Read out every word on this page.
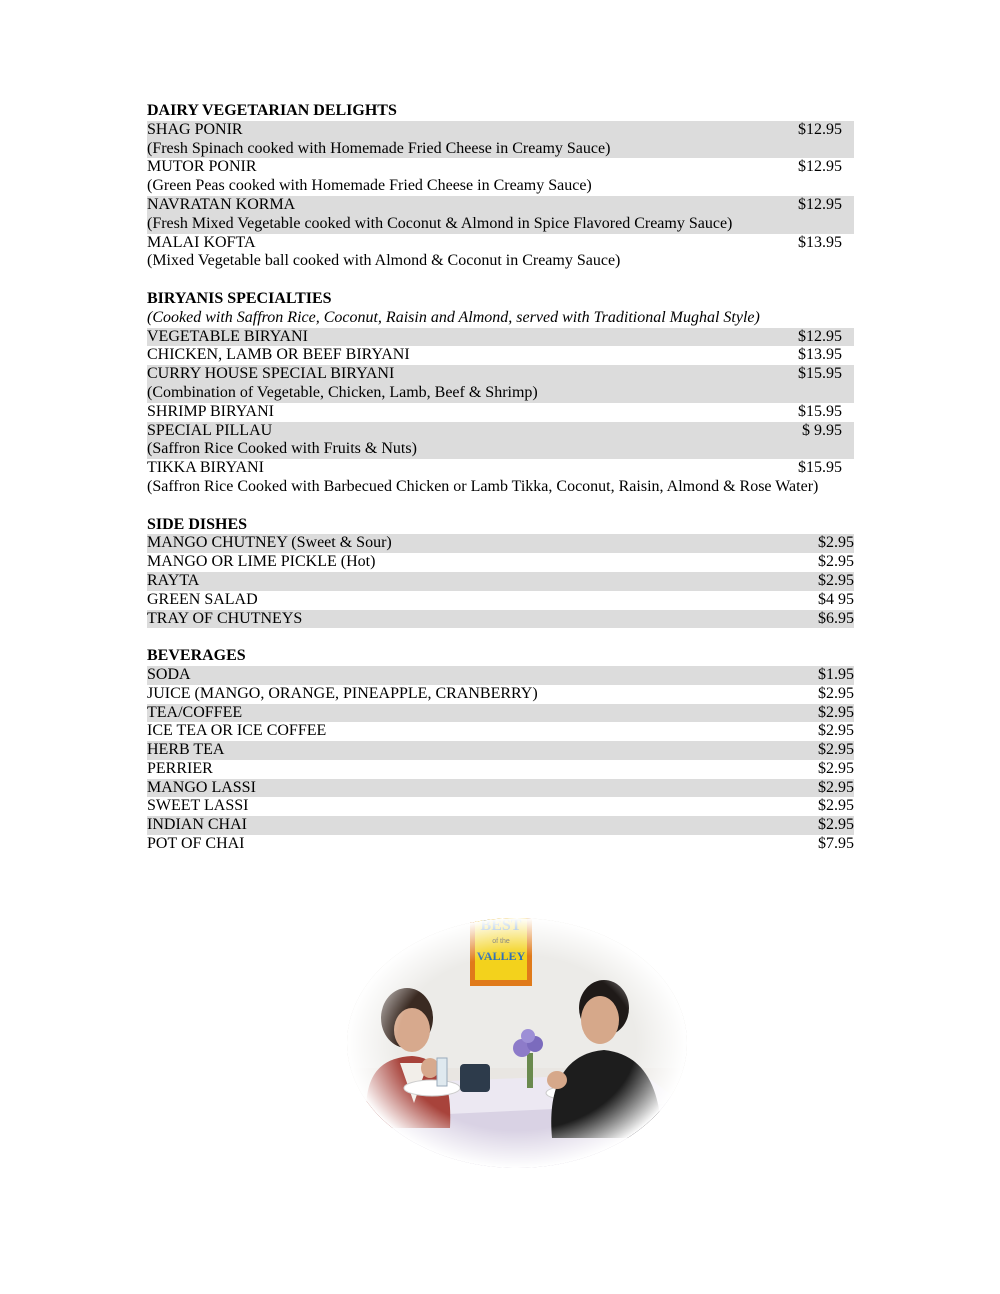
DAIRY VEGETARIAN DELIGHTS
SHAG PONIR	$12.95
(Fresh Spinach cooked with Homemade Fried Cheese in Creamy Sauce)
MUTOR PONIR	$12.95
(Green Peas cooked with Homemade Fried Cheese in Creamy Sauce)
NAVRATAN KORMA	$12.95
(Fresh Mixed Vegetable cooked with Coconut & Almond in Spice Flavored Creamy Sauce)
MALAI KOFTA	$13.95
(Mixed Vegetable ball cooked with Almond & Coconut in Creamy Sauce)
BIRYANIS SPECIALTIES
(Cooked with Saffron Rice, Coconut, Raisin and Almond, served with Traditional Mughal Style)
VEGETABLE BIRYANI	$12.95
CHICKEN, LAMB OR BEEF BIRYANI	$13.95
CURRY HOUSE SPECIAL BIRYANI	$15.95
(Combination of Vegetable, Chicken, Lamb, Beef & Shrimp)
SHRIMP BIRYANI	$15.95
SPECIAL PILLAU	$ 9.95
(Saffron Rice Cooked with Fruits & Nuts)
TIKKA BIRYANI	$15.95
(Saffron Rice Cooked with Barbecued Chicken or Lamb Tikka, Coconut, Raisin, Almond & Rose Water)
SIDE DISHES
MANGO CHUTNEY (Sweet & Sour)	$2.95
MANGO OR LIME PICKLE (Hot)	$2.95
RAYTA	$2.95
GREEN SALAD	$4 95
TRAY OF CHUTNEYS	$6.95
BEVERAGES
SODA	$1.95
JUICE (MANGO, ORANGE, PINEAPPLE, CRANBERRY)	$2.95
TEA/COFFEE	$2.95
ICE TEA OR ICE COFFEE	$2.95
HERB TEA	$2.95
PERRIER	$2.95
MANGO LASSI	$2.95
SWEET LASSI	$2.95
INDIAN CHAI	$2.95
POT OF CHAI	$7.95
